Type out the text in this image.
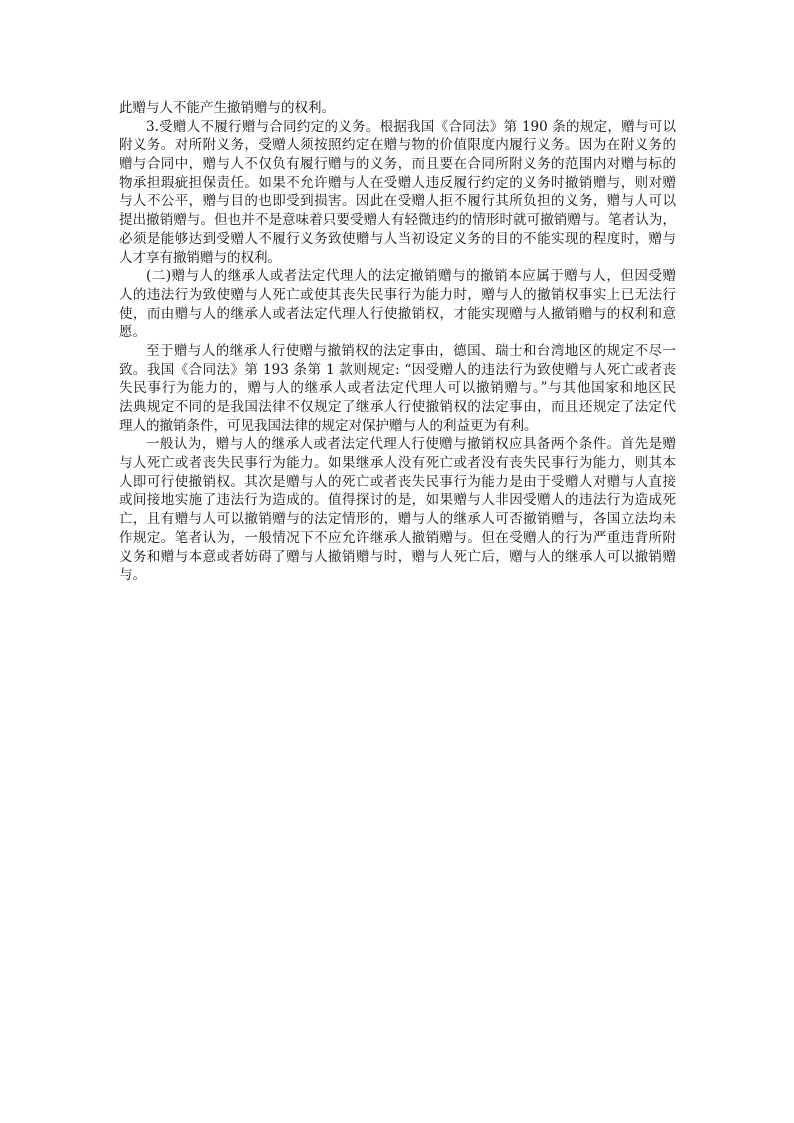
此赠与人不能产生撤销赠与的权利。
3.受赠人不履行赠与合同约定的义务。根据我国《合同法》第 190 条的规定，赠与可以
附义务。对所附义务，受赠人须按照约定在赠与物的价值限度内履行义务。因为在附义务的
赠与合同中，赠与人不仅负有履行赠与的义务，而且要在合同所附义务的范围内对赠与标的
物承担瑕疵担保责任。如果不允许赠与人在受赠人违反履行约定的义务时撤销赠与，则对赠
与人不公平，赠与目的也即受到损害。因此在受赠人拒不履行其所负担的义务，赠与人可以
提出撤销赠与。但也并不是意味着只要受赠人有轻微违约的情形时就可撤销赠与。笔者认为，
必须是能够达到受赠人不履行义务致使赠与人当初设定义务的目的不能实现的程度时，赠与
人才享有撤销赠与的权利。
(二)赠与人的继承人或者法定代理人的法定撤销赠与的撤销本应属于赠与人，但因受赠
人的违法行为致使赠与人死亡或使其丧失民事行为能力时，赠与人的撤销权事实上已无法行
使，而由赠与人的继承人或者法定代理人行使撤销权，才能实现赠与人撤销赠与的权利和意
愿。
至于赠与人的继承人行使赠与撤销权的法定事由，德国、瑞士和台湾地区的规定不尽一
致。我国《合同法》第 193 条第 1 款则规定: “因受赠人的违法行为致使赠与人死亡或者丧
失民事行为能力的，赠与人的继承人或者法定代理人可以撤销赠与。”与其他国家和地区民
法典规定不同的是我国法律不仅规定了继承人行使撤销权的法定事由，而且还规定了法定代
理人的撤销条件，可见我国法律的规定对保护赠与人的利益更为有利。
一般认为，赠与人的继承人或者法定代理人行使赠与撤销权应具备两个条件。首先是赠
与人死亡或者丧失民事行为能力。如果继承人没有死亡或者没有丧失民事行为能力，则其本
人即可行使撤销权。其次是赠与人的死亡或者丧失民事行为能力是由于受赠人对赠与人直接
或间接地实施了违法行为造成的。值得探讨的是，如果赠与人非因受赠人的违法行为造成死
亡，且有赠与人可以撤销赠与的法定情形的，赠与人的继承人可否撤销赠与，各国立法均未
作规定。笔者认为，一般情况下不应允许继承人撤销赠与。但在受赠人的行为严重违背所附
义务和赠与本意或者妨碍了赠与人撤销赠与时，赠与人死亡后，赠与人的继承人可以撤销赠
与。
